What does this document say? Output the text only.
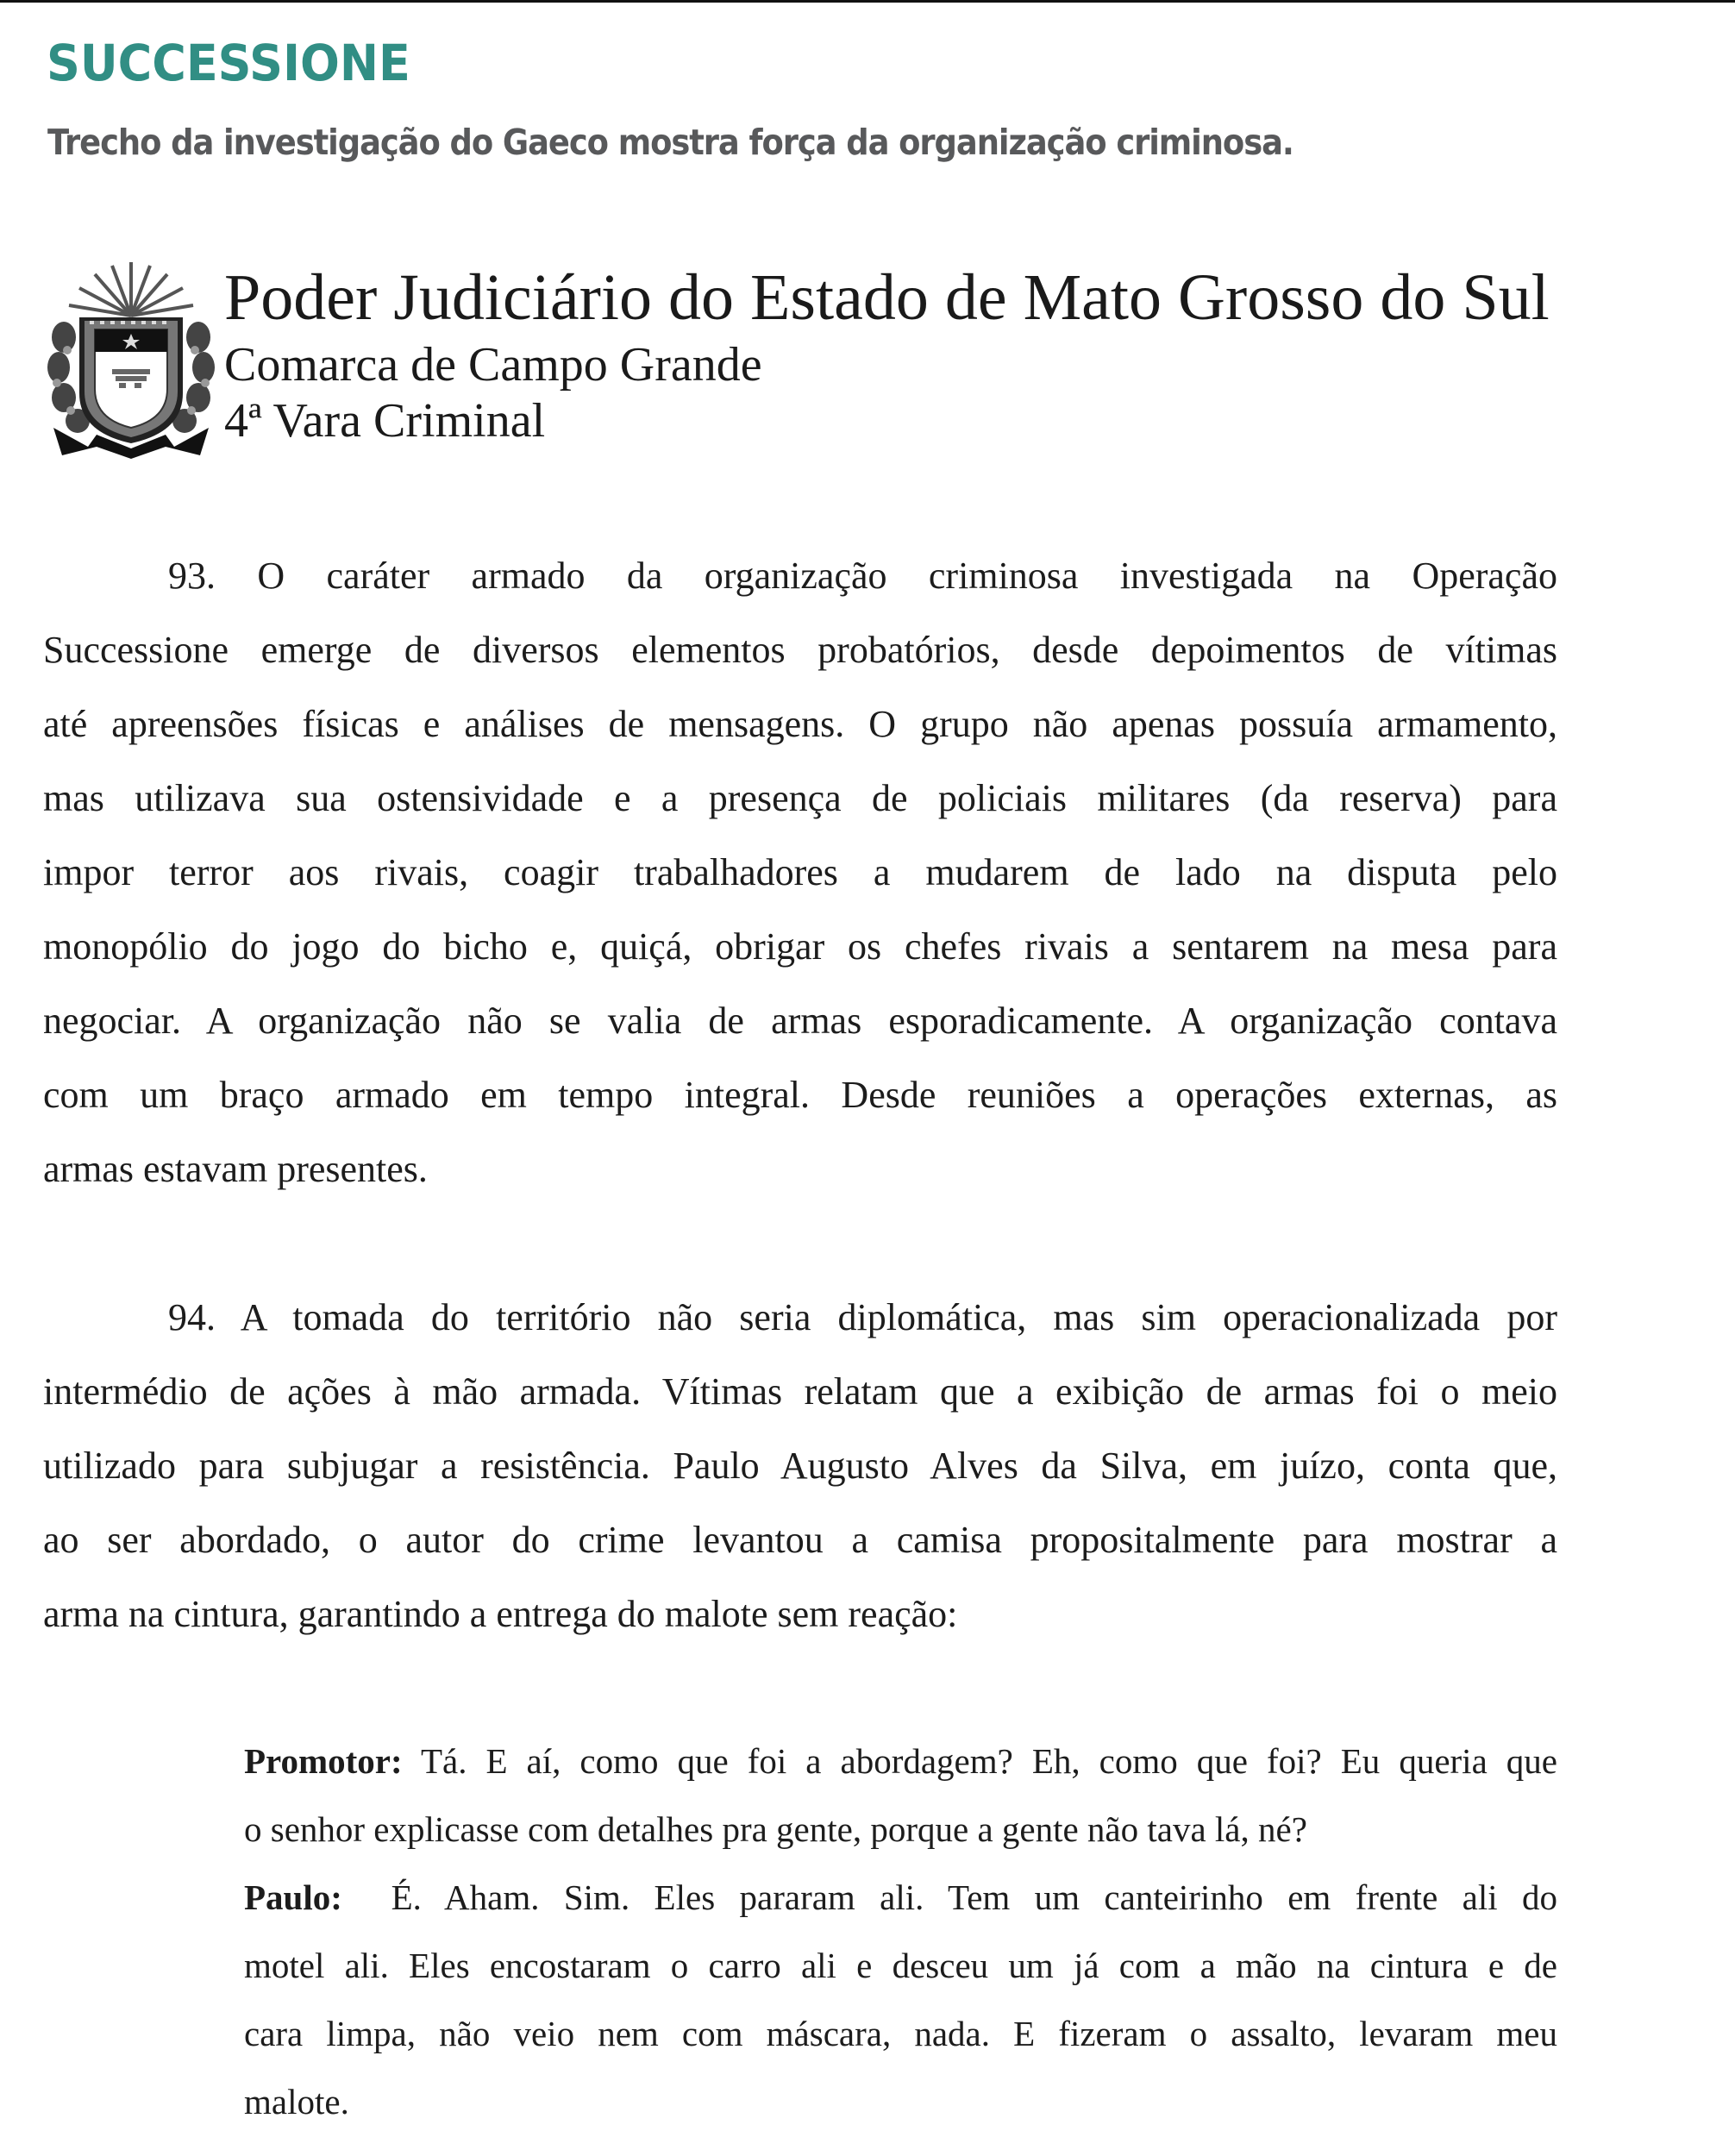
SUCCESSIONE
Trecho da investigação do Gaeco mostra força da organização criminosa.
Poder Judiciário do Estado de Mato Grosso do Sul
Comarca de Campo Grande
4ª Vara Criminal
93. O caráter armado da organização criminosa investigada na Operação
Successione emerge de diversos elementos probatórios, desde depoimentos de vítimas
até apreensões físicas e análises de mensagens. O grupo não apenas possuía armamento,
mas utilizava sua ostensividade e a presença de policiais militares (da reserva) para
impor terror aos rivais, coagir trabalhadores a mudarem de lado na disputa pelo
monopólio do jogo do bicho e, quiçá, obrigar os chefes rivais a sentarem na mesa para
negociar. A organização não se valia de armas esporadicamente. A organização contava
com um braço armado em tempo integral. Desde reuniões a operações externas, as
armas estavam presentes.
94. A tomada do território não seria diplomática, mas sim operacionalizada por
intermédio de ações à mão armada. Vítimas relatam que a exibição de armas foi o meio
utilizado para subjugar a resistência. Paulo Augusto Alves da Silva, em juízo, conta que,
ao ser abordado, o autor do crime levantou a camisa propositalmente para mostrar a
arma na cintura, garantindo a entrega do malote sem reação:
Promotor: Tá. E aí, como que foi a abordagem? Eh, como que foi? Eu queria que
o senhor explicasse com detalhes pra gente, porque a gente não tava lá, né?
Paulo:  É. Aham. Sim. Eles pararam ali. Tem um canteirinho em frente ali do
motel ali. Eles encostaram o carro ali e desceu um já com a mão na cintura e de
cara limpa, não veio nem com máscara, nada. E fizeram o assalto, levaram meu
malote.
